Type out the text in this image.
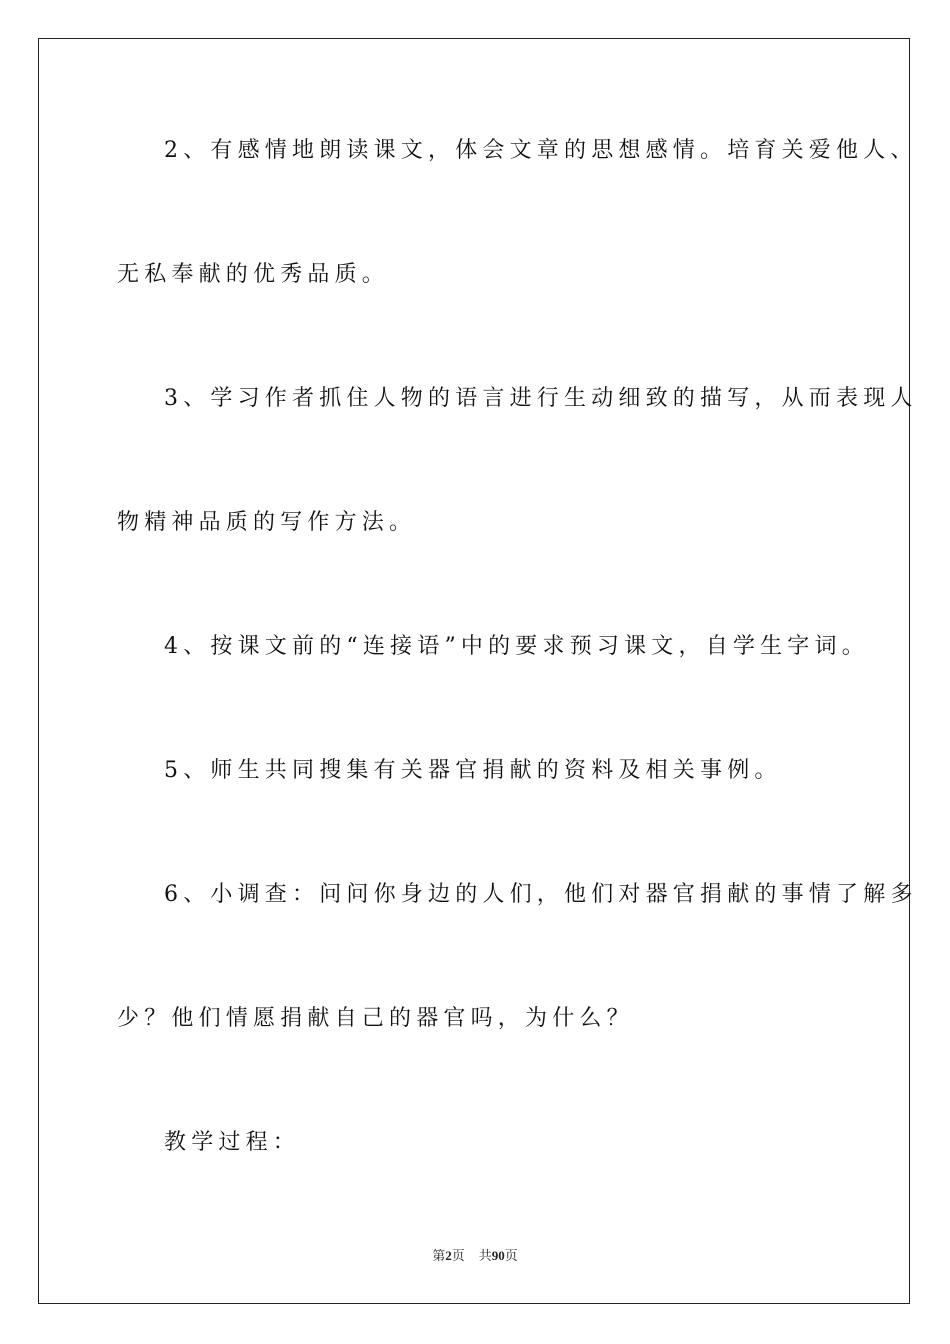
2、有感情地朗读课文，体会文章的思想感情。培育关爱他人、
无私奉献的优秀品质。
3、学习作者抓住人物的语言进行生动细致的描写，从而表现人
物精神品质的写作方法。
4、按课文前的“连接语”中的要求预习课文，自学生字词。
5、师生共同搜集有关器官捐献的资料及相关事例。
6、小调查：问问你身边的人们，他们对器官捐献的事情了解多
少？他们情愿捐献自己的器官吗，为什么？
教学过程：
第2页 共90页
